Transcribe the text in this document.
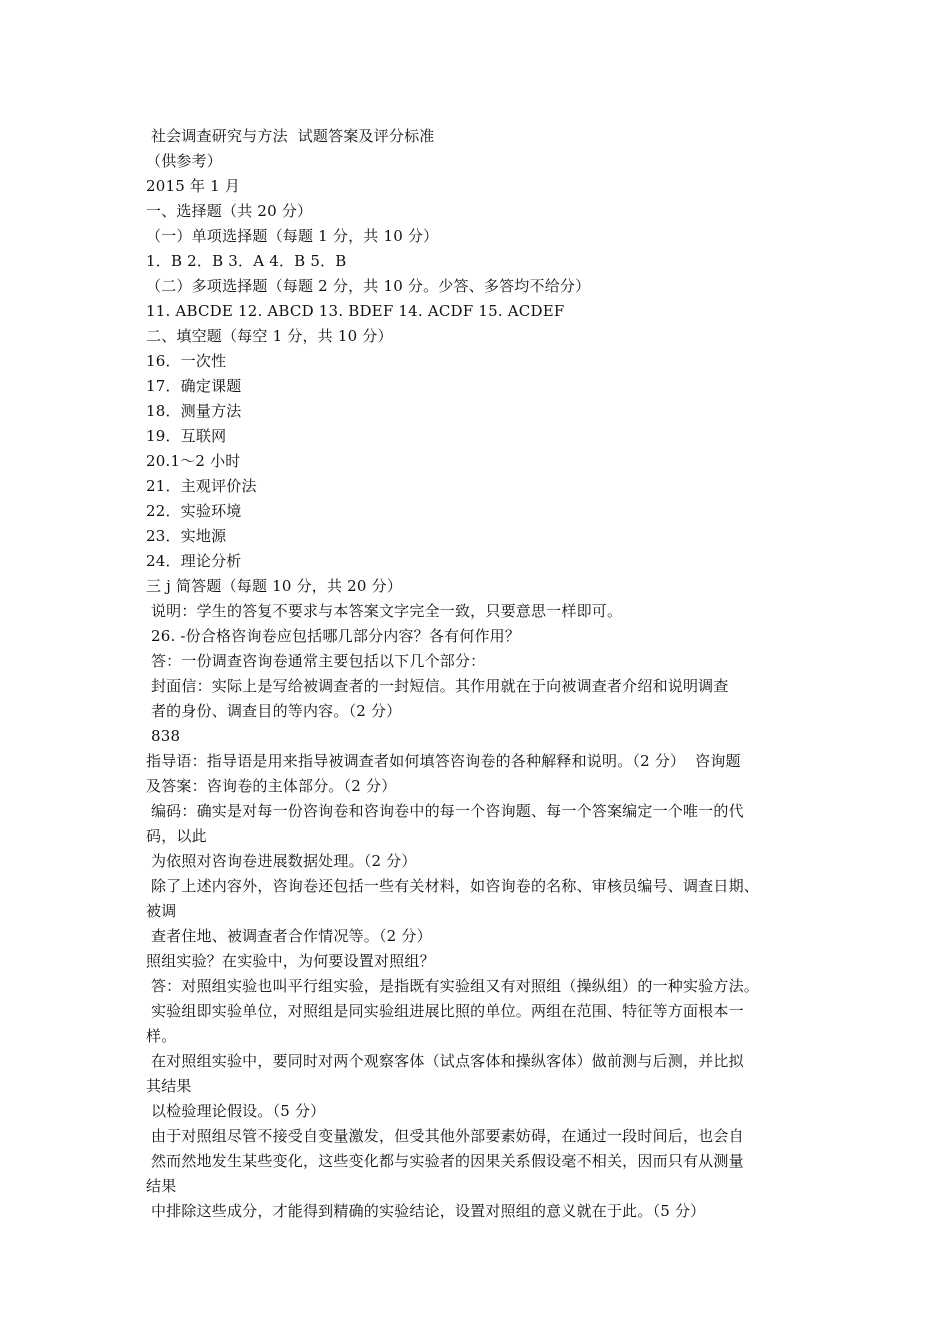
社会调查研究与方法  试题答案及评分标准
（供参考）
2015 年 1 月
一、选择题（共 20 分）
（一）单项选择题（每题 1 分，共 10 分）
1．B 2．B 3．A 4．B 5．B
（二）多项选择题（每题 2 分，共 10 分。少答、多答均不给分）
11. ABCDE 12. ABCD 13. BDEF 14. ACDF 15. ACDEF
二、填空题（每空 1 分，共 10 分）
16．一次性
17．确定课题
18．测量方法
19．互联网
20.1～2 小时
21．主观评价法
22．实验环境
23．实地源
24．理论分析
三 j 简答题（每题 10 分，共 20 分）
说明：学生的答复不要求与本答案文字完全一致，只要意思一样即可。
26. -份合格咨询卷应包括哪几部分内容？各有何作用？
答：一份调查咨询卷通常主要包括以下几个部分：
封面信：实际上是写给被调查者的一封短信。其作用就在于向被调查者介绍和说明调查
者的身份、调查目的等内容。（2 分）
838
指导语：指导语是用来指导被调查者如何填答咨询卷的各种解释和说明。（2 分）  咨询题
及答案：咨询卷的主体部分。（2 分）
编码：确实是对每一份咨询卷和咨询卷中的每一个咨询题、每一个答案编定一个唯一的代
码，以此
为依照对咨询卷进展数据处理。（2 分）
除了上述内容外，咨询卷还包括一些有关材料，如咨询卷的名称、审核员编号、调查日期、
被调
查者住地、被调查者合作情况等。（2 分）
照组实验？在实验中，为何要设置对照组？
答：对照组实验也叫平行组实验，是指既有实验组又有对照组（操纵组）的一种实验方法。
实验组即实验单位，对照组是同实验组进展比照的单位。两组在范围、特征等方面根本一
样。
在对照组实验中，要同时对两个观察客体（试点客体和操纵客体）做前测与后测，并比拟
其结果
以检验理论假设。（5 分）
由于对照组尽管不接受自变量激发，但受其他外部要素妨碍，在通过一段时间后，也会自
然而然地发生某些变化，这些变化都与实验者的因果关系假设毫不相关，因而只有从测量
结果
中排除这些成分，才能得到精确的实验结论，设置对照组的意义就在于此。（5 分）
